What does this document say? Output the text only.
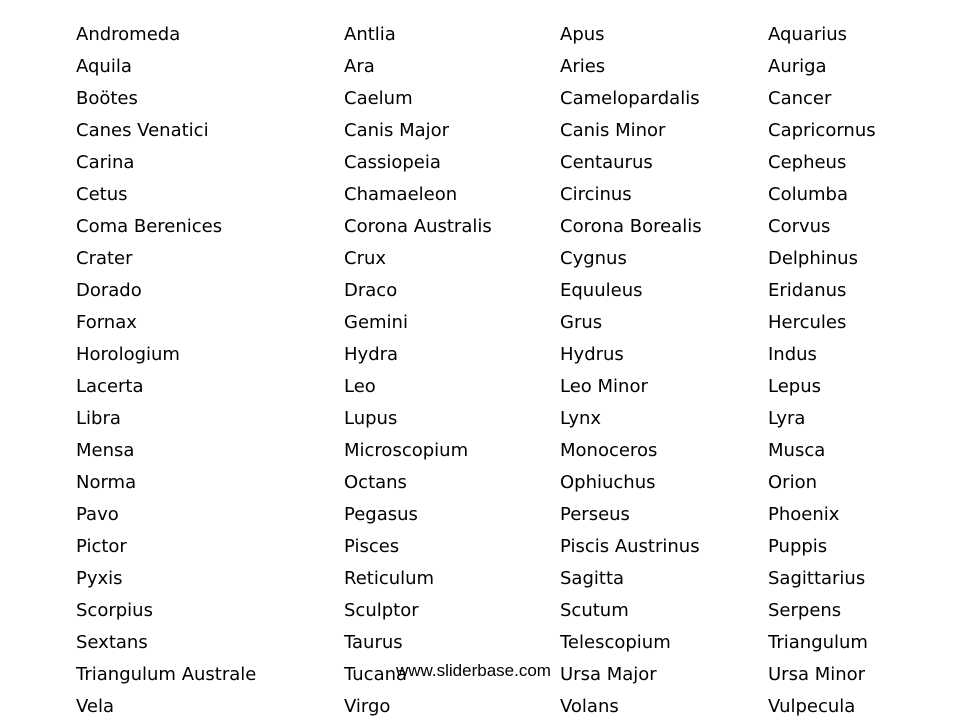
Andromeda	Antlia	Apus	Aquarius
Aquila	Ara	Aries	Auriga
Boötes	Caelum	Camelopardalis	Cancer
Canes Venatici	Canis Major	Canis Minor	Capricornus
Carina	Cassiopeia	Centaurus	Cepheus
Cetus	Chamaeleon	Circinus	Columba
Coma Berenices	Corona Australis	Corona Borealis	Corvus
Crater	Crux	Cygnus	Delphinus
Dorado	Draco	Equuleus	Eridanus
Fornax	Gemini	Grus	Hercules
Horologium	Hydra	Hydrus	Indus
Lacerta	Leo	Leo Minor	Lepus
Libra	Lupus	Lynx	Lyra
Mensa	Microscopium	Monoceros	Musca
Norma	Octans	Ophiuchus	Orion
Pavo	Pegasus	Perseus	Phoenix
Pictor	Pisces	Piscis Austrinus	Puppis
Pyxis	Reticulum	Sagitta	Sagittarius
Scorpius	Sculptor	Scutum	Serpens
Sextans	Taurus	Telescopium	Triangulum
Triangulum Australe	Tucana	Ursa Major	Ursa Minor
Vela	Virgo	Volans	Vulpecula
www.sliderbase.com
